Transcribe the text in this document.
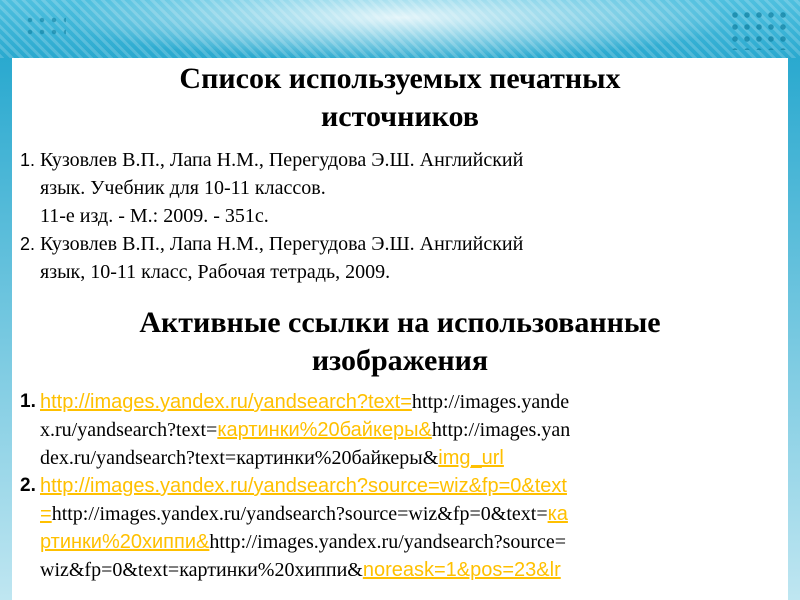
Список используемых печатных
источников
1. Кузовлев В.П., Лапа Н.М., Перегудова Э.Ш. Английский
язык. Учебник для 10-11 классов.
11-е изд. - М.: 2009. - 351с.
2. Кузовлев В.П., Лапа Н.М., Перегудова Э.Ш. Английский
язык, 10-11 класс, Рабочая тетрадь, 2009.
Активные ссылки на использованные
изображения
1. http://images.yandex.ru/yandsearch?text=http://images.yande
x.ru/yandsearch?text=картинки%20байкеры&http://images.yan
dex.ru/yandsearch?text=картинки%20байкеры&img_url
2. http://images.yandex.ru/yandsearch?source=wiz&fp=0&text
=http://images.yandex.ru/yandsearch?source=wiz&fp=0&text=ка
ртинки%20хиппи&http://images.yandex.ru/yandsearch?source=
wiz&fp=0&text=картинки%20хиппи&noreask=1&pos=23&lr
